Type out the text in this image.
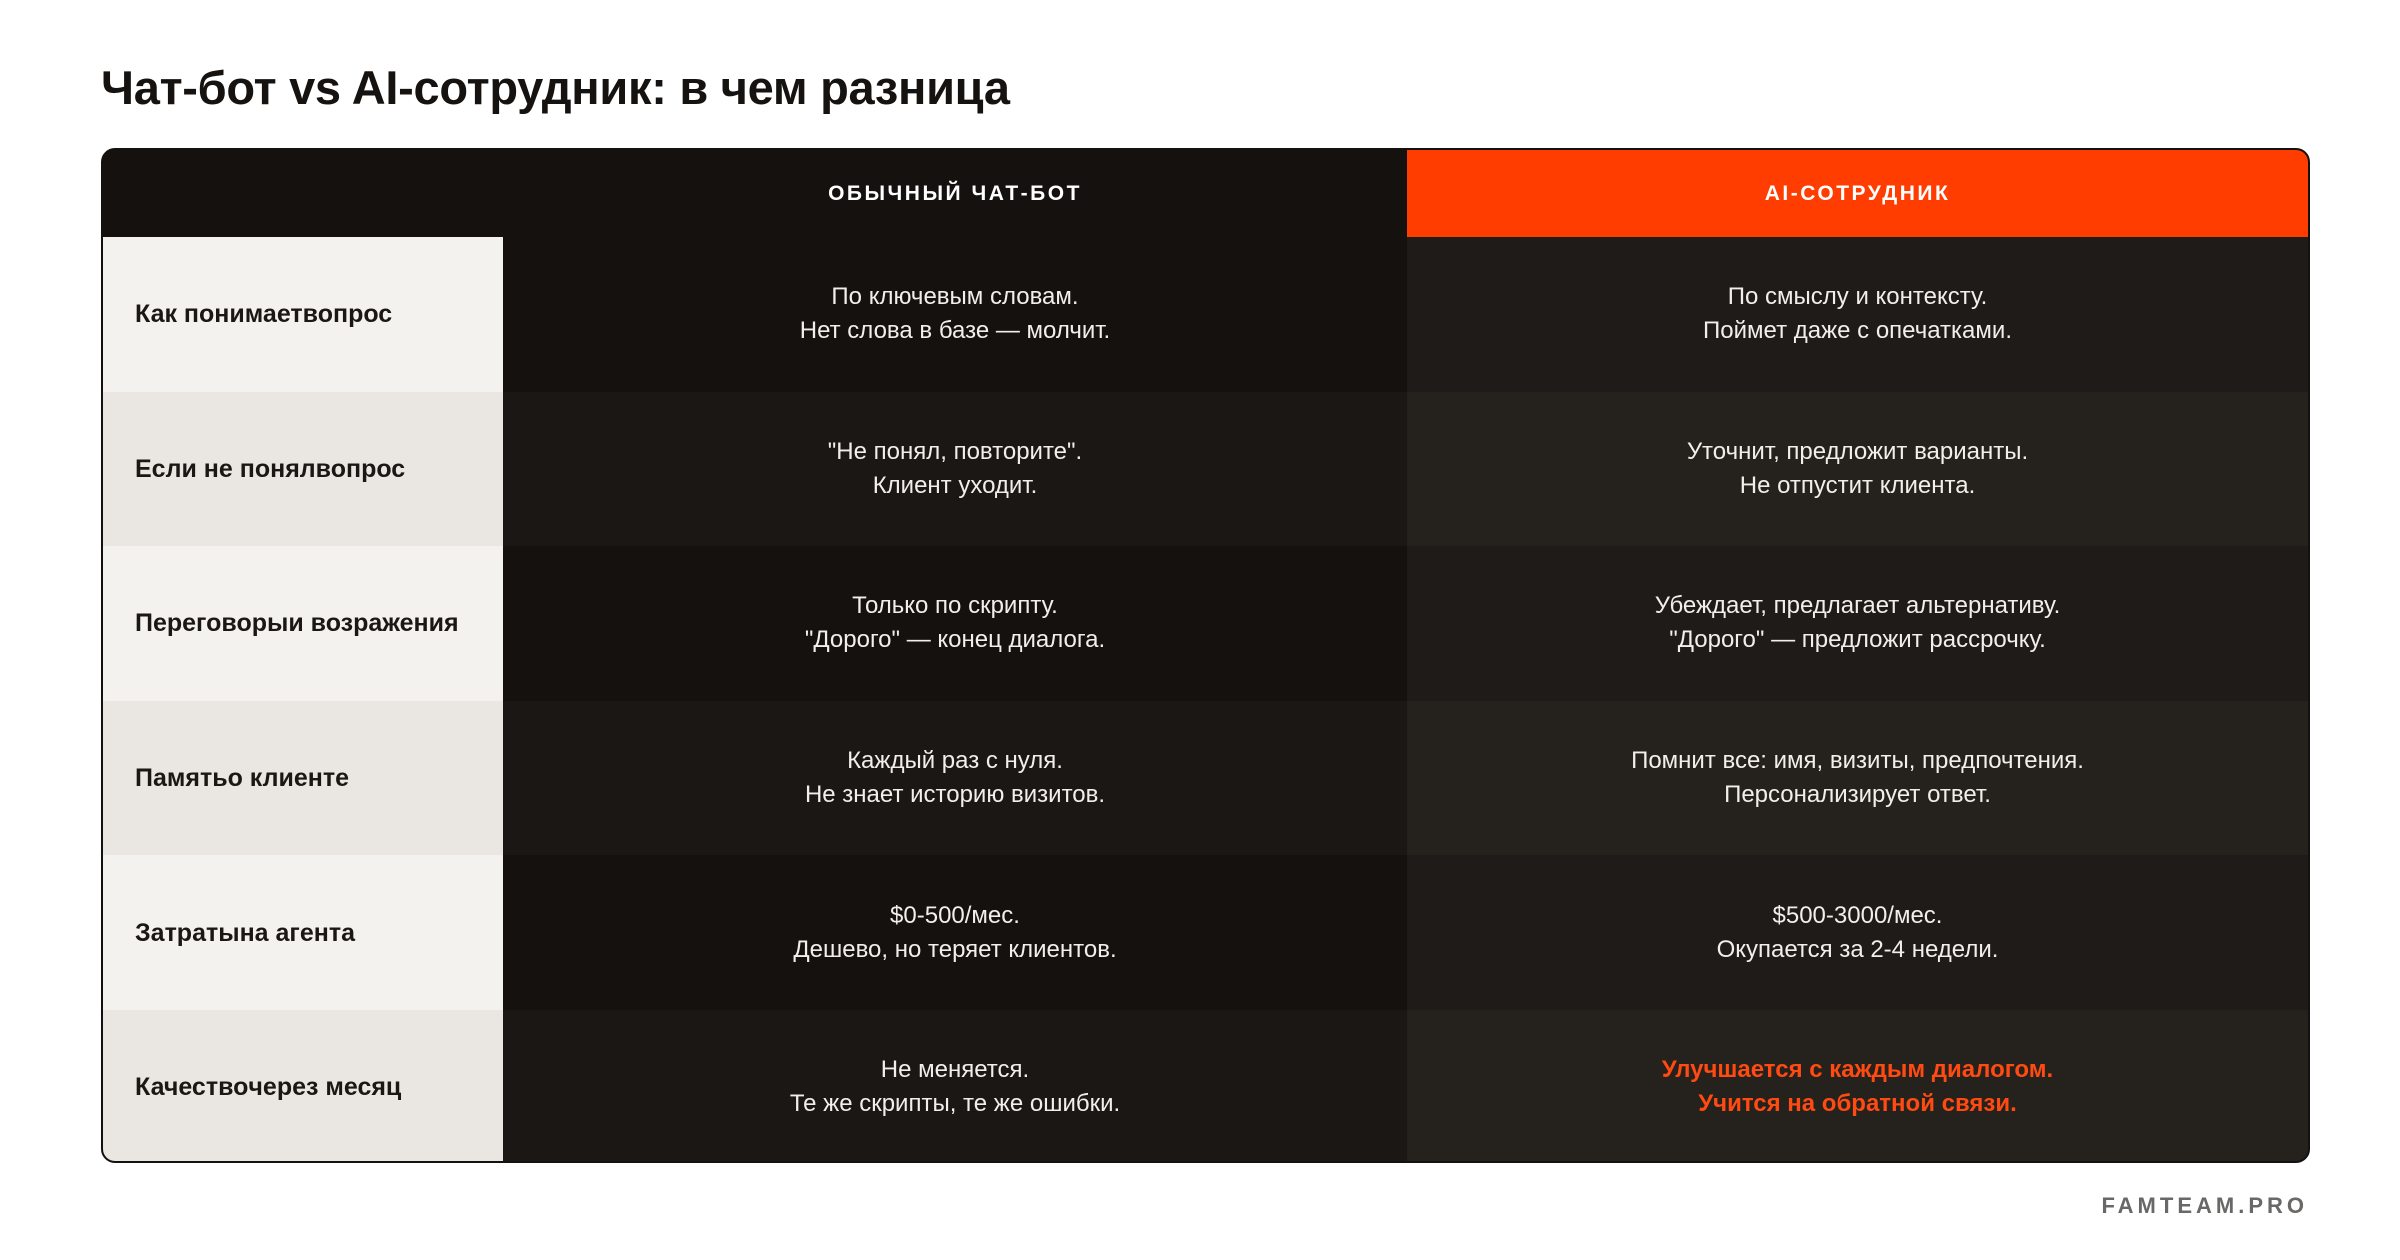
Чат-бот vs AI-сотрудник: в чем разница
ОБЫЧНЫЙ ЧАТ-БОТ	AI-СОТРУДНИК
Как понимает вопрос
По ключевым словам.
Нет слова в базе — молчит.
По смыслу и контексту.
Поймет даже с опечатками.
Если не понял вопрос
"Не понял, повторите".
Клиент уходит.
Уточнит, предложит варианты.
Не отпустит клиента.
Переговоры и возражения
Только по скрипту.
"Дорого" — конец диалога.
Убеждает, предлагает альтернативу.
"Дорого" — предложит рассрочку.
Память о клиенте
Каждый раз с нуля.
Не знает историю визитов.
Помнит все: имя, визиты, предпочтения.
Персонализирует ответ.
Затраты на агента
$0-500/мес.
Дешево, но теряет клиентов.
$500-3000/мес.
Окупается за 2-4 недели.
Качество через месяц
Не меняется.
Те же скрипты, те же ошибки.
Улучшается с каждым диалогом.
Учится на обратной связи.
FAMTEAM.PRO
